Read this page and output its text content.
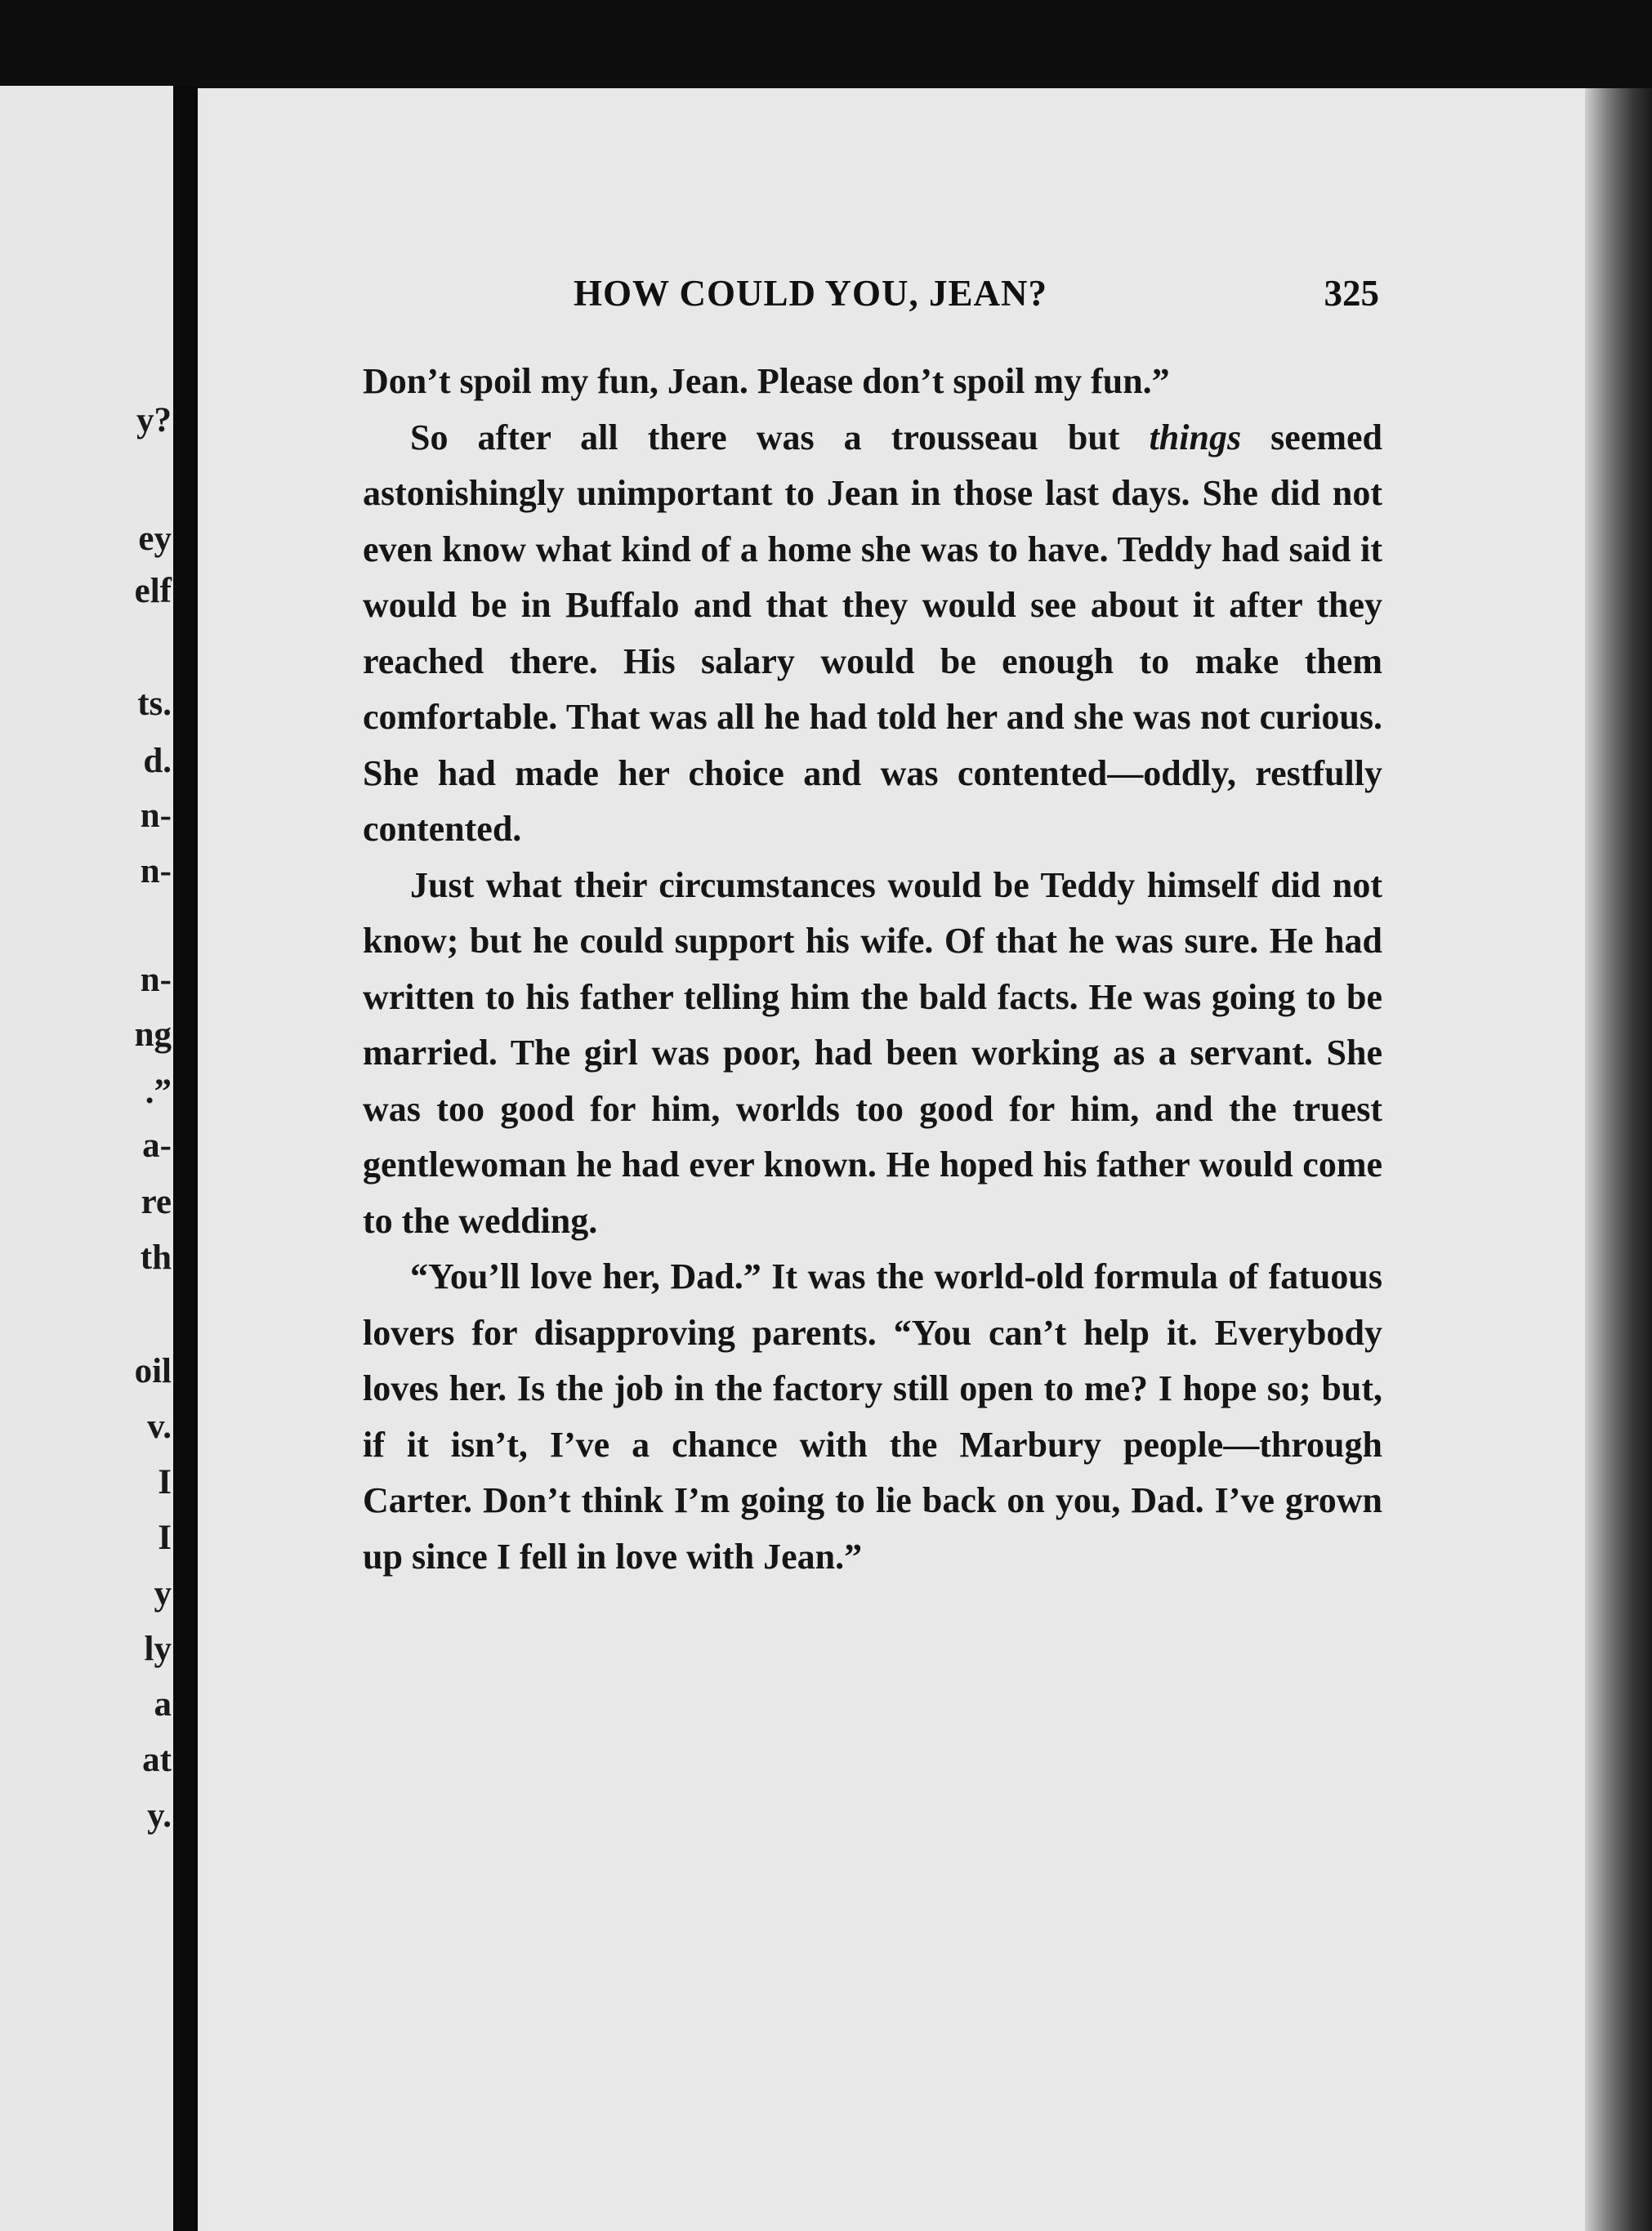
y?
ey
elf
ts.
d.
n-
n-
n-
ng
.”
a-
re
th
oil
v.
I
I
y
ly
a
at
y.
HOW COULD YOU, JEAN?	325

Don’t spoil my fun, Jean. Please don’t spoil my fun.”

So after all there was a trousseau but things seemed astonishingly unimportant to Jean in those last days. She did not even know what kind of a home she was to have. Teddy had said it would be in Buffalo and that they would see about it after they reached there. His salary would be enough to make them comfortable. That was all he had told her and she was not curious. She had made her choice and was contented—oddly, restfully contented.

Just what their circumstances would be Teddy himself did not know; but he could support his wife. Of that he was sure. He had written to his father telling him the bald facts. He was going to be married. The girl was poor, had been working as a servant. She was too good for him, worlds too good for him, and the truest gentlewoman he had ever known. He hoped his father would come to the wedding.

“You’ll love her, Dad.” It was the world-old formula of fatuous lovers for disapproving parents. “You can’t help it. Everybody loves her. Is the job in the factory still open to me? I hope so; but, if it isn’t, I’ve a chance with the Marbury people—through Carter. Don’t think I’m going to lie back on you, Dad. I’ve grown up since I fell in love with Jean.”
